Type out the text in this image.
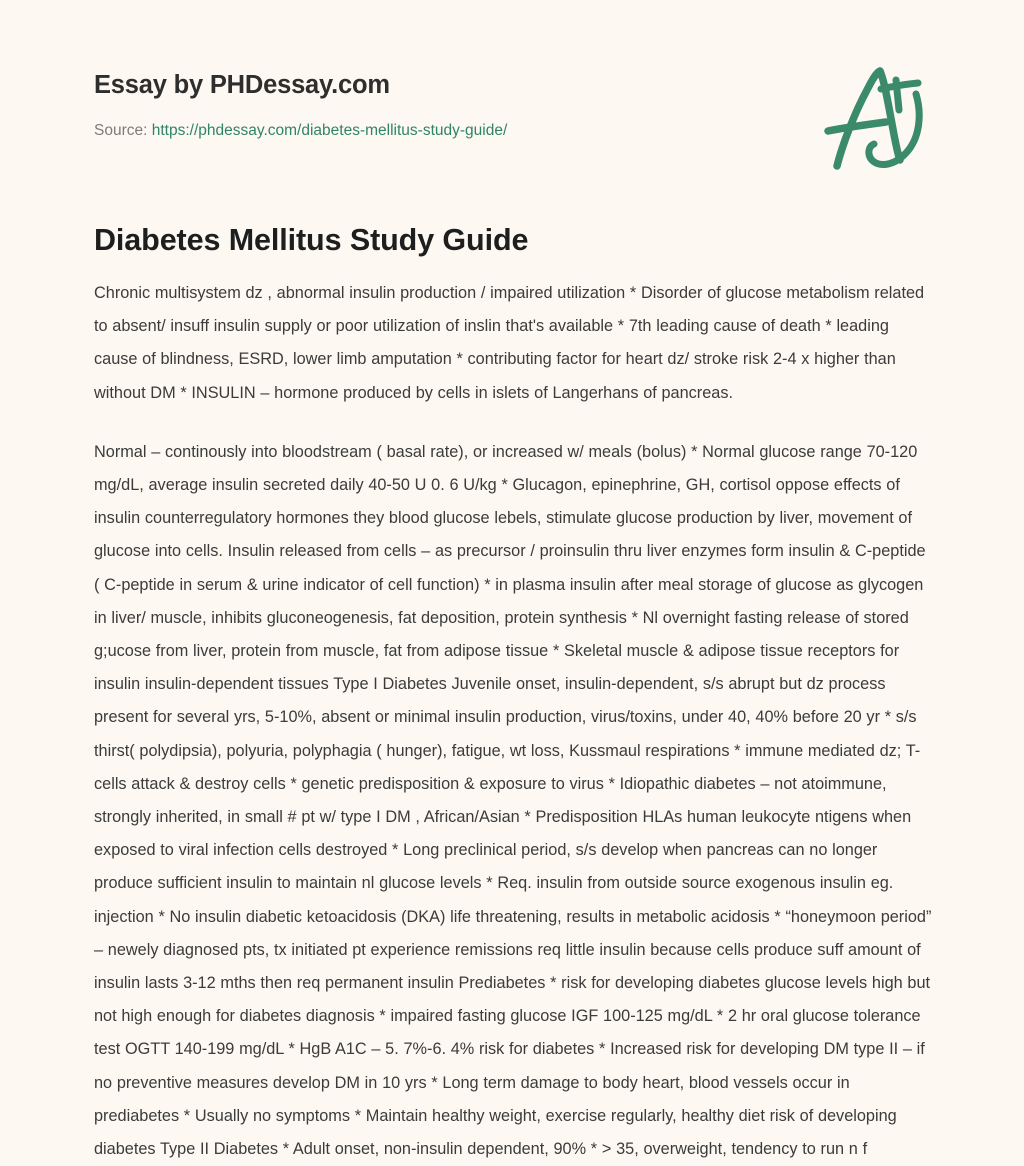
Essay by PHDessay.com
Source: https://phdessay.com/diabetes-mellitus-study-guide/
Diabetes Mellitus Study Guide

Chronic multisystem dz , abnormal insulin production / impaired utilization * Disorder of glucose metabolism related to absent/ insuff insulin supply or poor utilization of inslin that's available * 7th leading cause of death * leading cause of blindness, ESRD, lower limb amputation * contributing factor for heart dz/ stroke risk 2-4 x higher than without DM * INSULIN – hormone produced by cells in islets of Langerhans of pancreas.

Normal – continously into bloodstream ( basal rate), or increased w/ meals (bolus) * Normal glucose range 70-120 mg/dL, average insulin secreted daily 40-50 U 0. 6 U/kg * Glucagon, epinephrine, GH, cortisol oppose effects of insulin counterregulatory hormones they blood glucose lebels, stimulate glucose production by liver, movement of glucose into cells. Insulin released from cells – as precursor / proinsulin thru liver enzymes form insulin & C-peptide ( C-peptide in serum & urine indicator of cell function) * in plasma insulin after meal storage of glucose as glycogen in liver/ muscle, inhibits gluconeogenesis, fat deposition, protein synthesis * Nl overnight fasting release of stored g;ucose from liver, protein from muscle, fat from adipose tissue * Skeletal muscle & adipose tissue receptors for insulin insulin-dependent tissues Type I Diabetes Juvenile onset, insulin-dependent, s/s abrupt but dz process present for several yrs, 5-10%, absent or minimal insulin production, virus/toxins, under 40, 40% before 20 yr * s/s thirst( polydipsia), polyuria, polyphagia ( hunger), fatigue, wt loss, Kussmaul respirations * immune mediated dz; T-cells attack & destroy cells * genetic predisposition & exposure to virus * Idiopathic diabetes – not atoimmune, strongly inherited, in small # pt w/ type I DM , African/Asian * Predisposition HLAs human leukocyte ntigens when exposed to viral infection cells destroyed * Long preclinical period, s/s develop when pancreas can no longer produce sufficient insulin to maintain nl glucose levels * Req. insulin from outside source exogenous insulin eg. injection * No insulin diabetic ketoacidosis (DKA) life threatening, results in metabolic acidosis * “honeymoon period” – newely diagnosed pts, tx initiated pt experience remissions req little insulin because cells produce suff amount of insulin lasts 3-12 mths then req permanent insulin Prediabetes * risk for developing diabetes glucose levels high but not high enough for diabetes diagnosis * impaired fasting glucose IGF 100-125 mg/dL * 2 hr oral glucose tolerance test OGTT 140-199 mg/dL * HgB A1C – 5. 7%-6. 4% risk for diabetes * Increased risk for developing DM type II – if no preventive measures develop DM in 10 yrs * Long term damage to body heart, blood vessels occur in prediabetes * Usually no symptoms * Maintain healthy weight, exercise regularly, healthy diet risk of developing diabetes Type II Diabetes * Adult onset, non-insulin dependent, 90% * > 35, overweight, tendency to run n f
